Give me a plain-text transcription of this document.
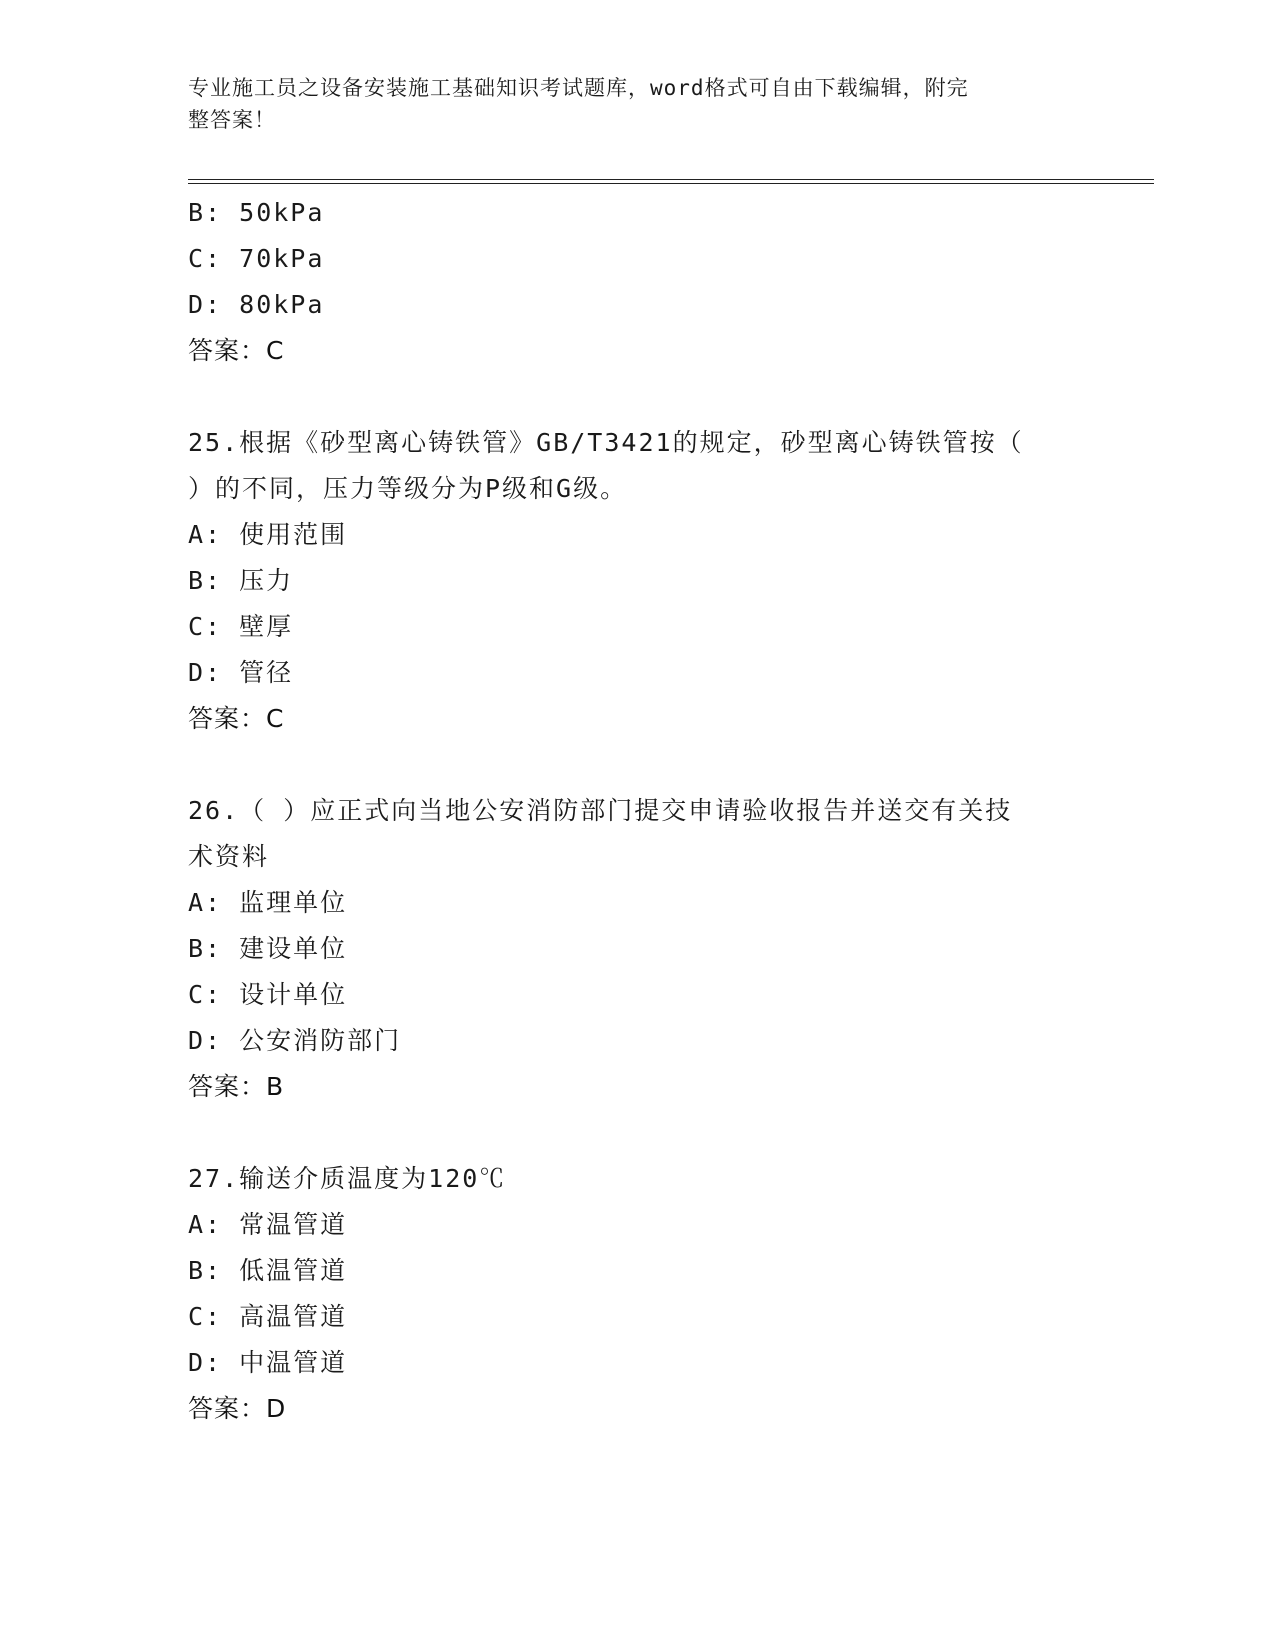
专业施工员之设备安装施工基础知识考试题库，word格式可自由下载编辑，附完
整答案！
B: 50kPa
C: 70kPa
D: 80kPa
答案：C
25.根据《砂型离心铸铁管》GB/T3421的规定，砂型离心铸铁管按（
）的不同，压力等级分为P级和G级。
A: 使用范围
B: 压力
C: 壁厚
D: 管径
答案：C
26.（ ）应正式向当地公安消防部门提交申请验收报告并送交有关技
术资料
A: 监理单位
B: 建设单位
C: 设计单位
D: 公安消防部门
答案：B
27.输送介质温度为120℃
A: 常温管道
B: 低温管道
C: 高温管道
D: 中温管道
答案：D
